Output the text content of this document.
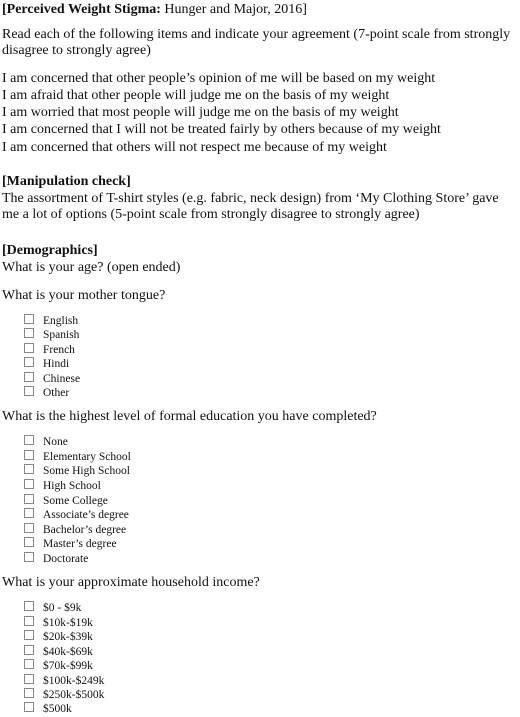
[Perceived Weight Stigma: Hunger and Major, 2016]
Read each of the following items and indicate your agreement (7-point scale from strongly disagree to strongly agree)
I am concerned that other people’s opinion of me will be based on my weight
I am afraid that other people will judge me on the basis of my weight
I am worried that most people will judge me on the basis of my weight
I am concerned that I will not be treated fairly by others because of my weight
I am concerned that others will not respect me because of my weight
[Manipulation check]
The assortment of T-shirt styles (e.g. fabric, neck design) from ‘My Clothing Store’ gave me a lot of options (5-point scale from strongly disagree to strongly agree)
[Demographics]
What is your age? (open ended)
What is your mother tongue?
English
Spanish
French
Hindi
Chinese
Other
What is the highest level of formal education you have completed?
None
Elementary School
Some High School
High School
Some College
Associate’s degree
Bachelor’s degree
Master’s degree
Doctorate
What is your approximate household income?
$0 - $9k
$10k-$19k
$20k-$39k
$40k-$69k
$70k-$99k
$100k-$249k
$250k-$500k
$500k
